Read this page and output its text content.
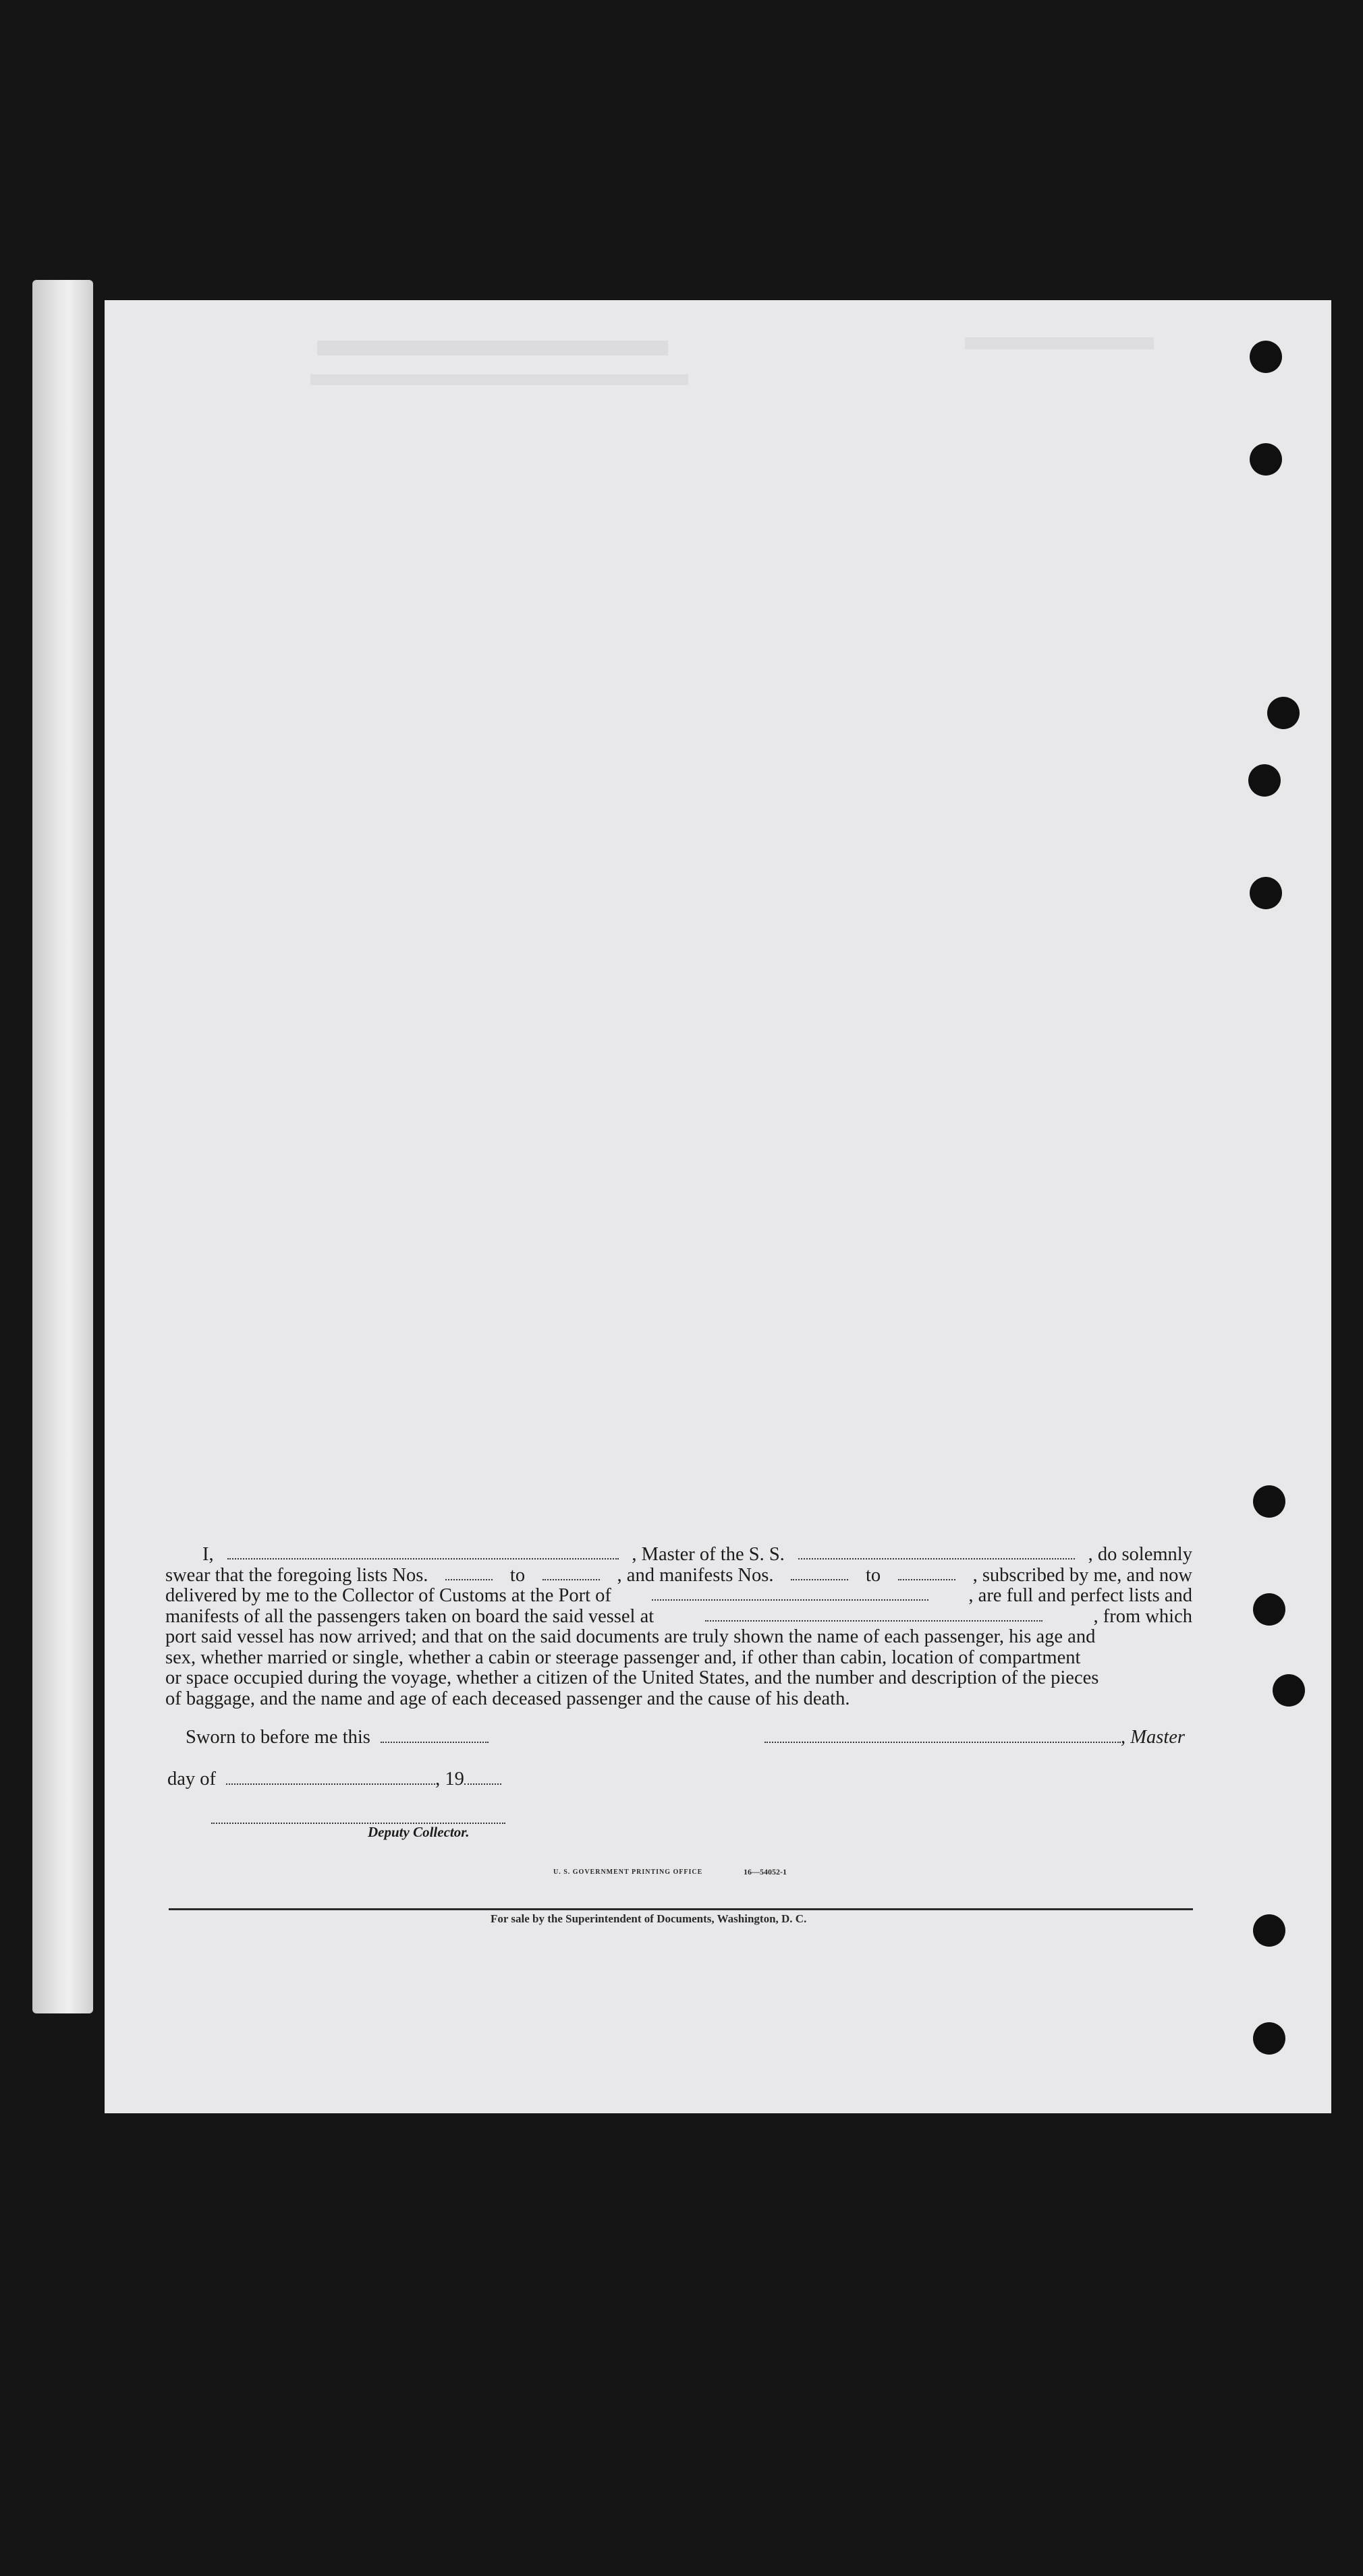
I,	, Master of the S. S.	, do solemnly
swear that the foregoing lists Nos.	to	, and manifests Nos.	to	, subscribed by me, and now
delivered by me to the Collector of Customs at the Port of	, are full and perfect lists and
manifests of all the passengers taken on board the said vessel at	, from which
port said vessel has now arrived; and that on the said documents are truly shown the name of each passenger, his age and
sex, whether married or single, whether a cabin or steerage passenger and, if other than cabin, location of compartment
or space occupied during the voyage, whether a citizen of the United States, and the number and description of the pieces
of baggage, and the name and age of each deceased passenger and the cause of his death.
Sworn to before me this	, Master
day of	, 19
Deputy Collector.
U. S. GOVERNMENT PRINTING OFFICE	16—54052-1
For sale by the Superintendent of Documents, Washington, D. C.
